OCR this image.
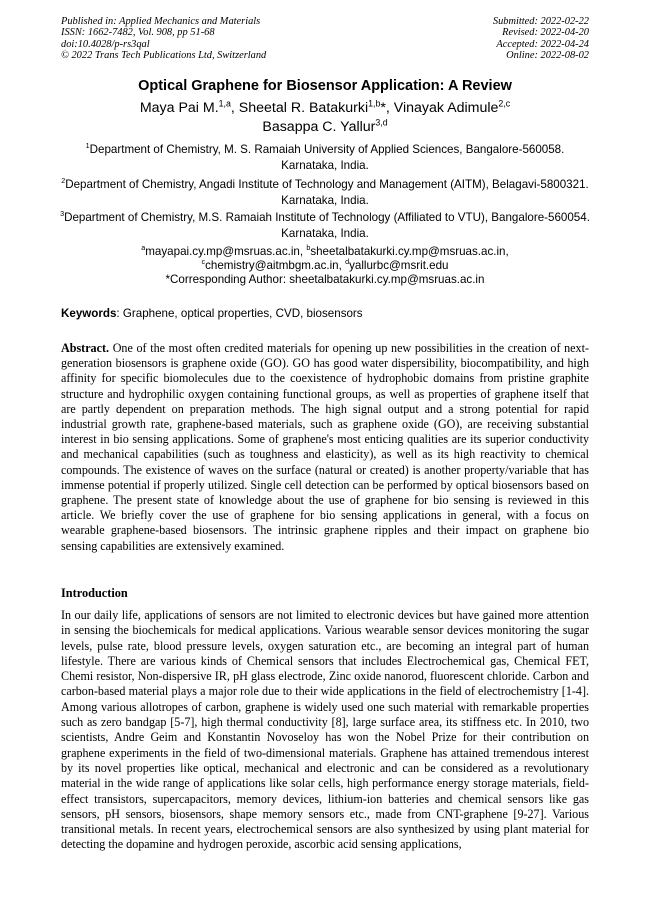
Published in: Applied Mechanics and Materials
ISSN: 1662-7482, Vol. 908, pp 51-68
doi:10.4028/p-rs3qal
© 2022 Trans Tech Publications Ltd, Switzerland
Submitted: 2022-02-22
Revised: 2022-04-20
Accepted: 2022-04-24
Online: 2022-08-02
Optical Graphene for Biosensor Application: A Review
Maya Pai M.$^{1,a}$, Sheetal R. Batakurki$^{1,b}$*, Vinayak Adimule$^{2,c}$
Basappa C. Yallur$^{3,d}$
$^1$Department of Chemistry, M. S. Ramaiah University of Applied Sciences, Bangalore-560058. Karnataka, India.
$^2$Department of Chemistry, Angadi Institute of Technology and Management (AITM), Belagavi-5800321. Karnataka, India.
$^3$Department of Chemistry, M.S. Ramaiah Institute of Technology (Affiliated to VTU), Bangalore-560054. Karnataka, India.
$^a$mayapai.cy.mp@msruas.ac.in, $^b$sheetalbatakurki.cy.mp@msruas.ac.in,
$^c$chemistry@aitmbgm.ac.in, $^d$yallurbc@msrit.edu
*Corresponding Author: sheetalbatakurki.cy.mp@msruas.ac.in
Keywords: Graphene, optical properties, CVD, biosensors
Abstract. One of the most often credited materials for opening up new possibilities in the creation of next-generation biosensors is graphene oxide (GO). GO has good water dispersibility, biocompatibility, and high affinity for specific biomolecules due to the coexistence of hydrophobic domains from pristine graphite structure and hydrophilic oxygen containing functional groups, as well as properties of graphene itself that are partly dependent on preparation methods. The high signal output and a strong potential for rapid industrial growth rate, graphene-based materials, such as graphene oxide (GO), are receiving substantial interest in bio sensing applications. Some of graphene's most enticing qualities are its superior conductivity and mechanical capabilities (such as toughness and elasticity), as well as its high reactivity to chemical compounds. The existence of waves on the surface (natural or created) is another property/variable that has immense potential if properly utilized. Single cell detection can be performed by optical biosensors based on graphene. The present state of knowledge about the use of graphene for bio sensing is reviewed in this article. We briefly cover the use of graphene for bio sensing applications in general, with a focus on wearable graphene-based biosensors. The intrinsic graphene ripples and their impact on graphene bio sensing capabilities are extensively examined.
Introduction
In our daily life, applications of sensors are not limited to electronic devices but have gained more attention in sensing the biochemicals for medical applications. Various wearable sensor devices monitoring the sugar levels, pulse rate, blood pressure levels, oxygen saturation etc., are becoming an integral part of human lifestyle. There are various kinds of Chemical sensors that includes Electrochemical gas, Chemical FET, Chemi resistor, Non-dispersive IR, pH glass electrode, Zinc oxide nanorod, fluorescent chloride. Carbon and carbon-based material plays a major role due to their wide applications in the field of electrochemistry [1-4]. Among various allotropes of carbon, graphene is widely used one such material with remarkable properties such as zero bandgap [5-7], high thermal conductivity [8], large surface area, its stiffness etc. In 2010, two scientists, Andre Geim and Konstantin Novoseloy has won the Nobel Prize for their contribution on graphene experiments in the field of two-dimensional materials. Graphene has attained tremendous interest by its novel properties like optical, mechanical and electronic and can be considered as a revolutionary material in the wide range of applications like solar cells, high performance energy storage materials, field-effect transistors, supercapacitors, memory devices, lithium-ion batteries and chemical sensors like gas sensors, pH sensors, biosensors, shape memory sensors etc., made from CNT-graphene [9-27]. Various transitional metals. In recent years, electrochemical sensors are also synthesized by using plant material for detecting the dopamine and hydrogen peroxide, ascorbic acid sensing applications,
